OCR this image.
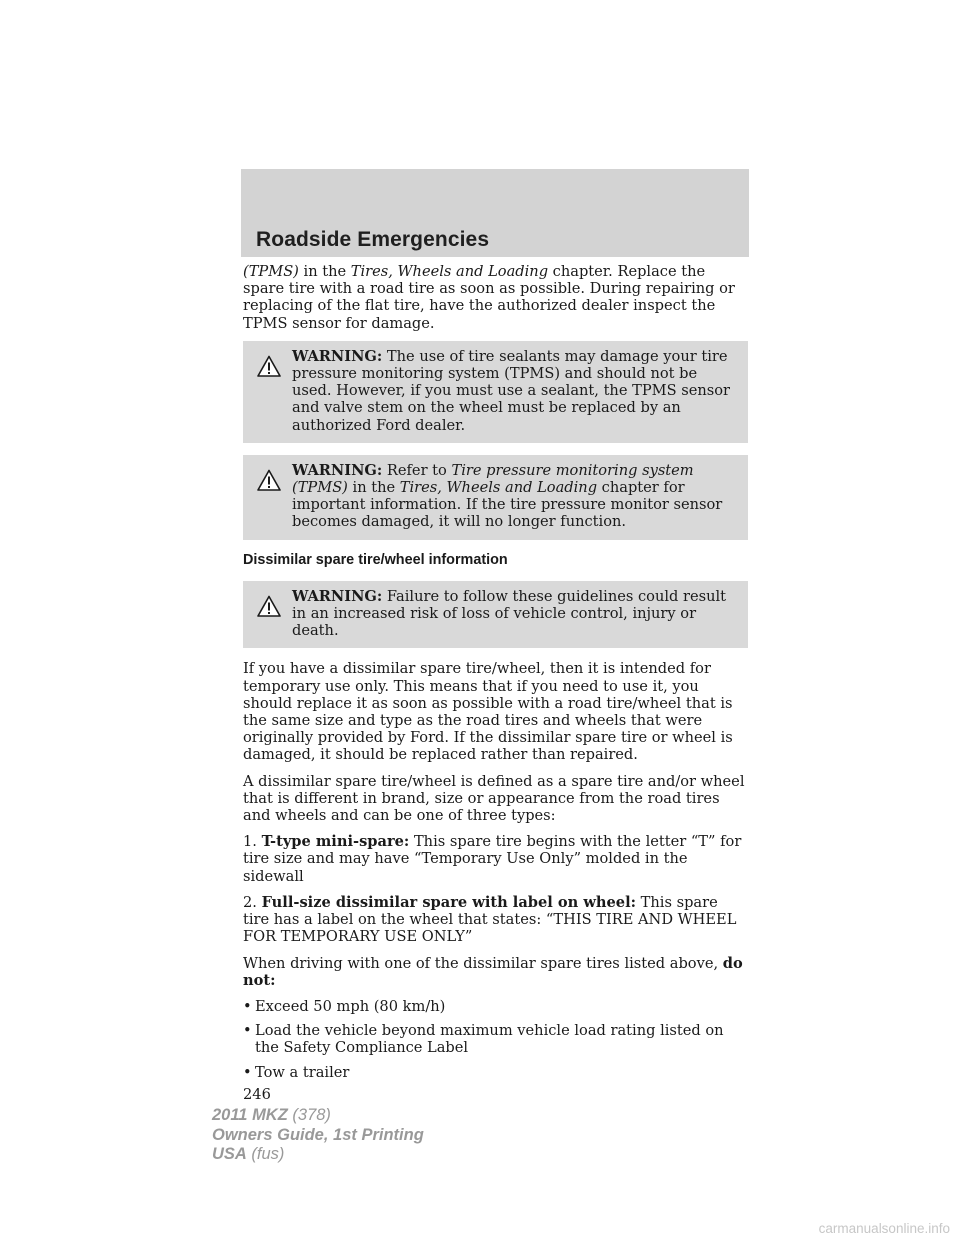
Roadside Emergencies

(TPMS) in the Tires, Wheels and Loading chapter. Replace the spare tire with a road tire as soon as possible. During repairing or replacing of the flat tire, have the authorized dealer inspect the TPMS sensor for damage.

WARNING: The use of tire sealants may damage your tire pressure monitoring system (TPMS) and should not be used. However, if you must use a sealant, the TPMS sensor and valve stem on the wheel must be replaced by an authorized Ford dealer.
WARNING: Refer to Tire pressure monitoring system (TPMS) in the Tires, Wheels and Loading chapter for important information. If the tire pressure monitor sensor becomes damaged, it will no longer function.
Dissimilar spare tire/wheel information
WARNING: Failure to follow these guidelines could result in an increased risk of loss of vehicle control, injury or death.

If you have a dissimilar spare tire/wheel, then it is intended for temporary use only. This means that if you need to use it, you should replace it as soon as possible with a road tire/wheel that is the same size and type as the road tires and wheels that were originally provided by Ford. If the dissimilar spare tire or wheel is damaged, it should be replaced rather than repaired.

A dissimilar spare tire/wheel is defined as a spare tire and/or wheel that is different in brand, size or appearance from the road tires and wheels and can be one of three types:

1. T-type mini-spare: This spare tire begins with the letter “T” for tire size and may have “Temporary Use Only” molded in the sidewall

2. Full-size dissimilar spare with label on wheel: This spare tire has a label on the wheel that states: “THIS TIRE AND WHEEL FOR TEMPORARY USE ONLY”

When driving with one of the dissimilar spare tires listed above, do not:

• Exceed 50 mph (80 km/h)
• Load the vehicle beyond maximum vehicle load rating listed on the Safety Compliance Label
• Tow a trailer
246
2011 MKZ (378)
Owners Guide, 1st Printing
USA (fus)
carmanualsonline.info
